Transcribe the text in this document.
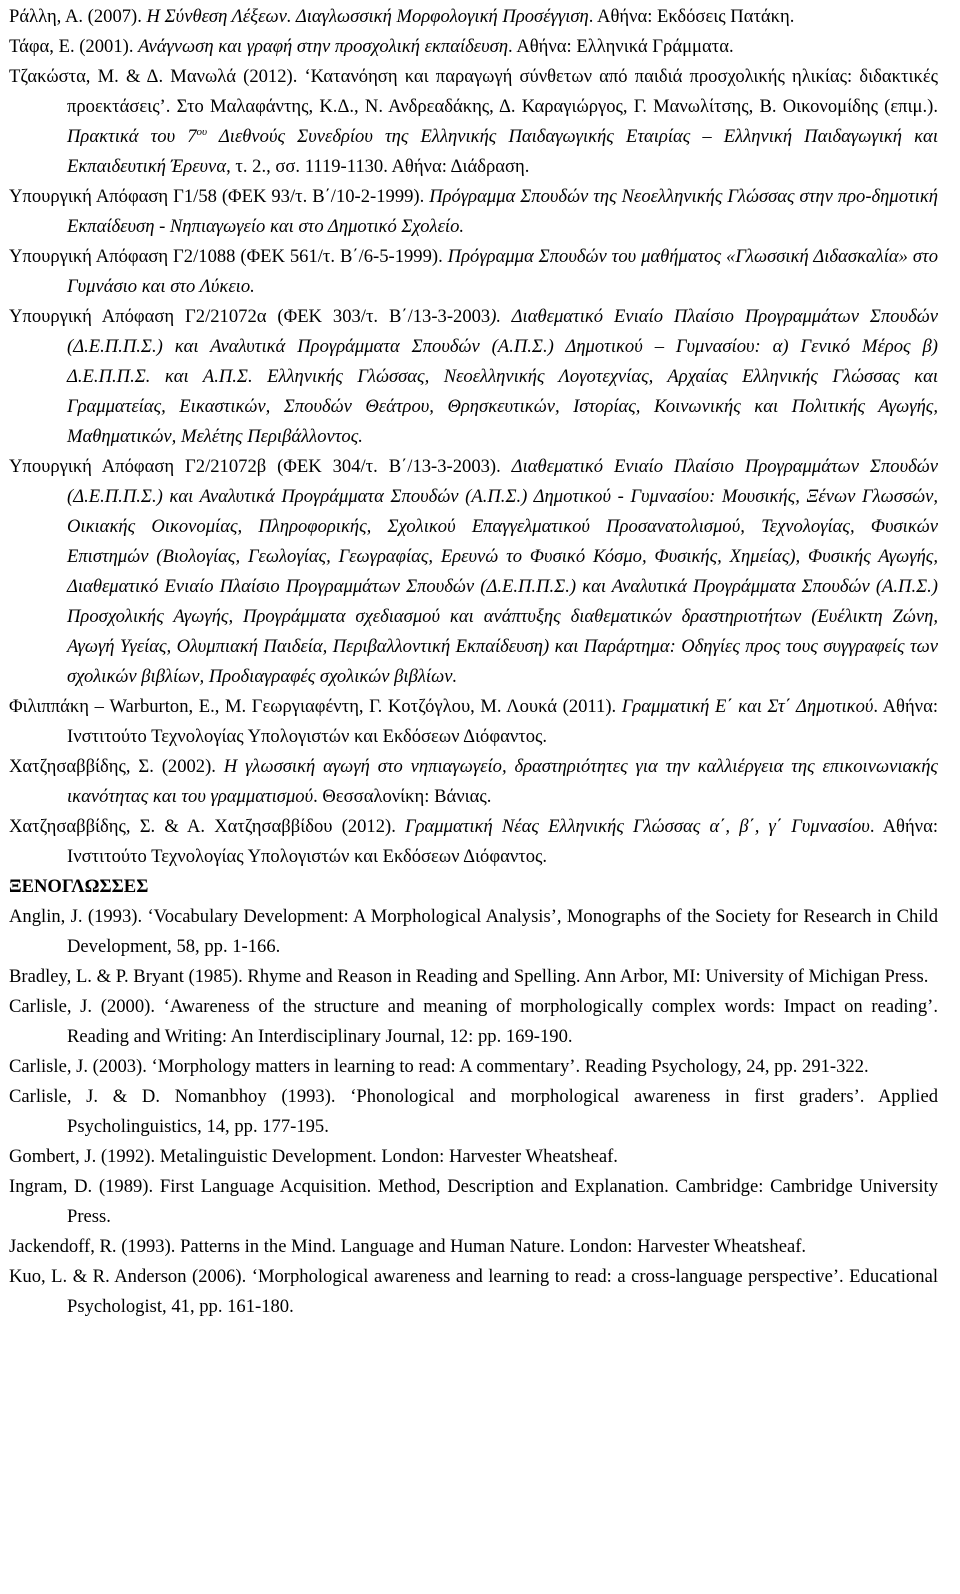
Ράλλη, Α. (2007). Η Σύνθεση Λέξεων. Διαγλωσσική Μορφολογική Προσέγγιση. Αθήνα: Εκδόσεις Πατάκη.

Τάφα, Ε. (2001). Ανάγνωση και γραφή στην προσχολική εκπαίδευση. Αθήνα: Ελληνικά Γράμματα.

Τζακώστα, Μ. & Δ. Μανωλά (2012). ‘Κατανόηση και παραγωγή σύνθετων από παιδιά προσχολικής ηλικίας: διδακτικές προεκτάσεις’. Στο Μαλαφάντης, Κ.Δ., Ν. Ανδρεαδάκης, Δ. Καραγιώργος, Γ. Μανωλίτσης, Β. Οικονομίδης (επιμ.). Πρακτικά του $7^{o\upsilon}$ Διεθνούς Συνεδρίου της Ελληνικής Παιδαγωγικής Εταιρίας – Ελληνική Παιδαγωγική και Εκπαιδευτική Έρευνα, τ. 2., σσ. 1119-1130. Αθήνα: Διάδραση.

Υπουργική Απόφαση Γ1/58 (ΦΕΚ 93/τ. Β΄/10-2-1999). Πρόγραμμα Σπουδών της Νεοελληνικής Γλώσσας στην προ-δημοτική Εκπαίδευση - Νηπιαγωγείο και στο Δημοτικό Σχολείο.

Υπουργική Απόφαση Γ2/1088 (ΦΕΚ 561/τ. Β΄/6-5-1999). Πρόγραμμα Σπουδών του μαθήματος «Γλωσσική Διδασκαλία» στο Γυμνάσιο και στο Λύκειο.

Υπουργική Απόφαση Γ2/21072α (ΦΕΚ 303/τ. Β΄/13-3-2003). Διαθεματικό Ενιαίο Πλαίσιο Προγραμμάτων Σπουδών (Δ.Ε.Π.Π.Σ.) και Αναλυτικά Προγράμματα Σπουδών (Α.Π.Σ.) Δημοτικού – Γυμνασίου: α) Γενικό Μέρος β) Δ.Ε.Π.Π.Σ. και Α.Π.Σ. Ελληνικής Γλώσσας, Νεοελληνικής Λογοτεχνίας, Αρχαίας Ελληνικής Γλώσσας και Γραμματείας, Εικαστικών, Σπουδών Θεάτρου, Θρησκευτικών, Ιστορίας, Κοινωνικής και Πολιτικής Αγωγής, Μαθηματικών, Μελέτης Περιβάλλοντος.

Υπουργική Απόφαση Γ2/21072β (ΦΕΚ 304/τ. Β΄/13-3-2003). Διαθεματικό Ενιαίο Πλαίσιο Προγραμμάτων Σπουδών (Δ.Ε.Π.Π.Σ.) και Αναλυτικά Προγράμματα Σπουδών (Α.Π.Σ.) Δημοτικού - Γυμνασίου: Μουσικής, Ξένων Γλωσσών, Οικιακής Οικονομίας, Πληροφορικής, Σχολικού Επαγγελματικού Προσανατολισμού, Τεχνολογίας, Φυσικών Επιστημών (Βιολογίας, Γεωλογίας, Γεωγραφίας, Ερευνώ το Φυσικό Κόσμο, Φυσικής, Χημείας), Φυσικής Αγωγής, Διαθεματικό Ενιαίο Πλαίσιο Προγραμμάτων Σπουδών (Δ.Ε.Π.Π.Σ.) και Αναλυτικά Προγράμματα Σπουδών (Α.Π.Σ.) Προσχολικής Αγωγής, Προγράμματα σχεδιασμού και ανάπτυξης διαθεματικών δραστηριοτήτων (Ευέλικτη Ζώνη, Αγωγή Υγείας, Ολυμπιακή Παιδεία, Περιβαλλοντική Εκπαίδευση) και Παράρτημα: Οδηγίες προς τους συγγραφείς των σχολικών βιβλίων, Προδιαγραφές σχολικών βιβλίων.

Φιλιππάκη – Warburton, Ε., Μ. Γεωργιαφέντη, Γ. Κοτζόγλου, Μ. Λουκά (2011). Γραμματική Ε΄ και Στ΄ Δημοτικού. Αθήνα: Ινστιτούτο Τεχνολογίας Υπολογιστών και Εκδόσεων Διόφαντος.

Χατζησαββίδης, Σ. (2002). Η γλωσσική αγωγή στο νηπιαγωγείο, δραστηριότητες για την καλλιέργεια της επικοινωνιακής ικανότητας και του γραμματισμού. Θεσσαλονίκη: Βάνιας.

Χατζησαββίδης, Σ. & Α. Χατζησαββίδου (2012). Γραμματική Νέας Ελληνικής Γλώσσας α΄, β΄, γ΄ Γυμνασίου. Αθήνα: Ινστιτούτο Τεχνολογίας Υπολογιστών και Εκδόσεων Διόφαντος.

ΞΕΝΟΓΛΩΣΣΕΣ

Anglin, J. (1993). ‘Vocabulary Development: A Morphological Analysis’, Monographs of the Society for Research in Child Development, 58, pp. 1-166.

Bradley, L. & P. Bryant (1985). Rhyme and Reason in Reading and Spelling. Ann Arbor, MI: University of Michigan Press.

Carlisle, J. (2000). ‘Awareness of the structure and meaning of morphologically complex words: Impact on reading’. Reading and Writing: An Interdisciplinary Journal, 12: pp. 169-190.

Carlisle, J. (2003). ‘Morphology matters in learning to read: A commentary’. Reading Psychology, 24, pp. 291-322.

Carlisle, J. & D. Nomanbhoy (1993). ‘Phonological and morphological awareness in first graders’. Applied Psycholinguistics, 14, pp. 177-195.

Gombert, J. (1992). Metalinguistic Development. London: Harvester Wheatsheaf.

Ingram, D. (1989). First Language Acquisition. Method, Description and Explanation. Cambridge: Cambridge University Press.

Jackendoff, R. (1993). Patterns in the Mind. Language and Human Nature. London: Harvester Wheatsheaf.

Kuo, L. & R. Anderson (2006). ‘Morphological awareness and learning to read: a cross-language perspective’. Educational Psychologist, 41, pp. 161-180.
